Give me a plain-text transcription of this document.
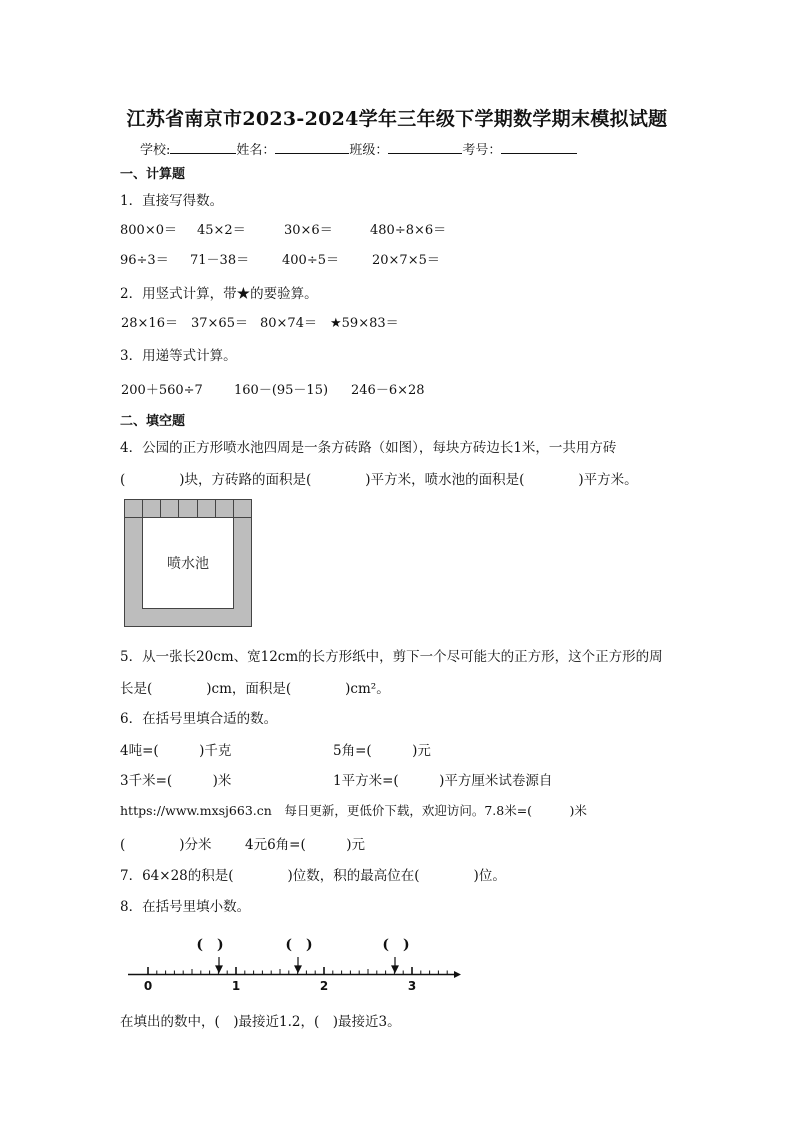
江苏省南京市2023-2024学年三年级下学期数学期末模拟试题
学校:	姓名：	班级：	考号：
一、计算题
1．直接写得数。
800×0＝ 45×2＝	30×6＝	480÷8×6＝
96÷3＝ 71－38＝	400÷5＝	20×7×5＝
2．用竖式计算，带★的要验算。
28×16＝ 37×65＝ 80×74＝ ★59×83＝
3．用递等式计算。
200＋560÷7 160－(95－15) 246－6×28
二、填空题
4．公园的正方形喷水池四周是一条方砖路（如图），每块方砖边长1米，一共用方砖
(　　　　)块，方砖路的面积是(　　　　)平方米，喷水池的面积是(　　　　)平方米。
喷水池
5．从一张长20cm、宽12cm的长方形纸中，剪下一个尽可能大的正方形，这个正方形的周
长是(　　　　)cm，面积是(　　　　)cm²。
6．在括号里填合适的数。
4吨=(　　　)千克	5角=(　　　)元
3千米=(　　　)米	1平方米=(　　　)平方厘米试卷源自
https://www.mxsj663.cn　每日更新，更低价下载，欢迎访问。7.8米=(　　　)米
(　　　　)分米 4元6角=(　　　)元
7．64×28的积是(　　　　)位数，积的最高位在(　　　　)位。
8．在括号里填小数。
(　)	(　)	(　)
0	1	2	3
在填出的数中，(　)最接近1.2，(　)最接近3。
